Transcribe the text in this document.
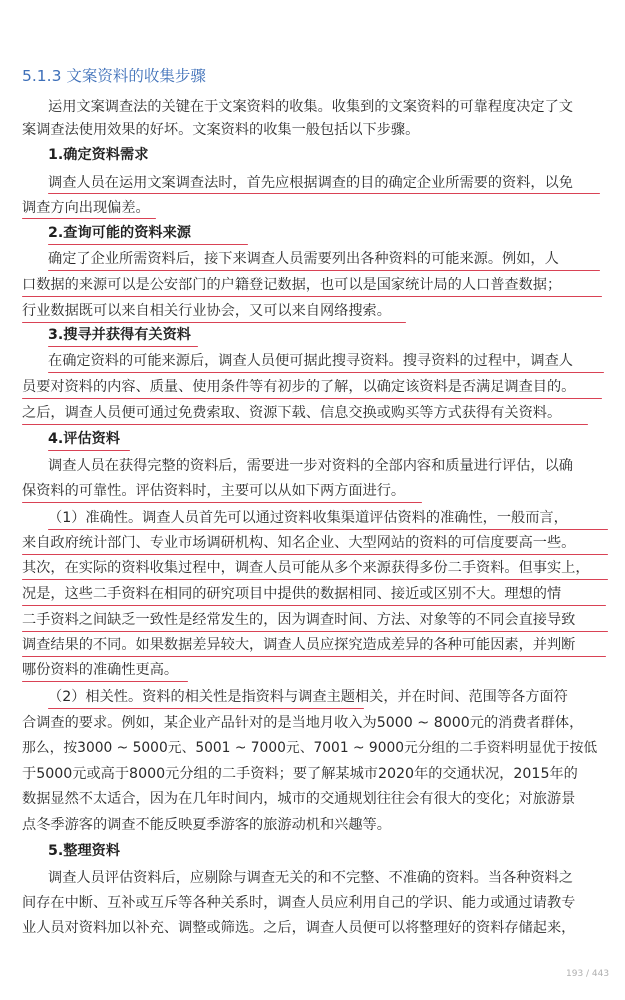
5.1.3 文案资料的收集步骤
运用文案调查法的关键在于文案资料的收集。收集到的文案资料的可靠程度决定了文
案调查法使用效果的好坏。文案资料的收集一般包括以下步骤。
1.确定资料需求
调查人员在运用文案调查法时，首先应根据调查的目的确定企业所需要的资料，以免
调查方向出现偏差。
2.查询可能的资料来源
确定了企业所需资料后，接下来调查人员需要列出各种资料的可能来源。例如，人
口数据的来源可以是公安部门的户籍登记数据，也可以是国家统计局的人口普查数据；
行业数据既可以来自相关行业协会，又可以来自网络搜索。
3.搜寻并获得有关资料
在确定资料的可能来源后，调查人员便可据此搜寻资料。搜寻资料的过程中，调查人
员要对资料的内容、质量、使用条件等有初步的了解，以确定该资料是否满足调查目的。
之后，调查人员便可通过免费索取、资源下载、信息交换或购买等方式获得有关资料。
4.评估资料
调查人员在获得完整的资料后，需要进一步对资料的全部内容和质量进行评估，以确
保资料的可靠性。评估资料时，主要可以从如下两方面进行。
（1）准确性。调查人员首先可以通过资料收集渠道评估资料的准确性，一般而言，
来自政府统计部门、专业市场调研机构、知名企业、大型网站的资料的可信度要高一些。
其次，在实际的资料收集过程中，调查人员可能从多个来源获得多份二手资料。但事实上，
况是，这些二手资料在相同的研究项目中提供的数据相同、接近或区别不大。理想的情
二手资料之间缺乏一致性是经常发生的，因为调查时间、方法、对象等的不同会直接导致
调查结果的不同。如果数据差异较大，调查人员应探究造成差异的各种可能因素，并判断
哪份资料的准确性更高。
（2）相关性。资料的相关性是指资料与调查主题相关，并在时间、范围等各方面符
合调查的要求。例如，某企业产品针对的是当地月收入为5000 ~ 8000元的消费者群体，
那么，按3000 ~ 5000元、5001 ~ 7000元、7001 ~ 9000元分组的二手资料明显优于按低
于5000元或高于8000元分组的二手资料；要了解某城市2020年的交通状况，2015年的
数据显然不太适合，因为在几年时间内，城市的交通规划往往会有很大的变化；对旅游景
点冬季游客的调查不能反映夏季游客的旅游动机和兴趣等。
5.整理资料
调查人员评估资料后，应剔除与调查无关的和不完整、不准确的资料。当各种资料之
间存在中断、互补或互斥等各种关系时，调查人员应利用自己的学识、能力或通过请教专
业人员对资料加以补充、调整或筛选。之后，调查人员便可以将整理好的资料存储起来，
193 / 443
